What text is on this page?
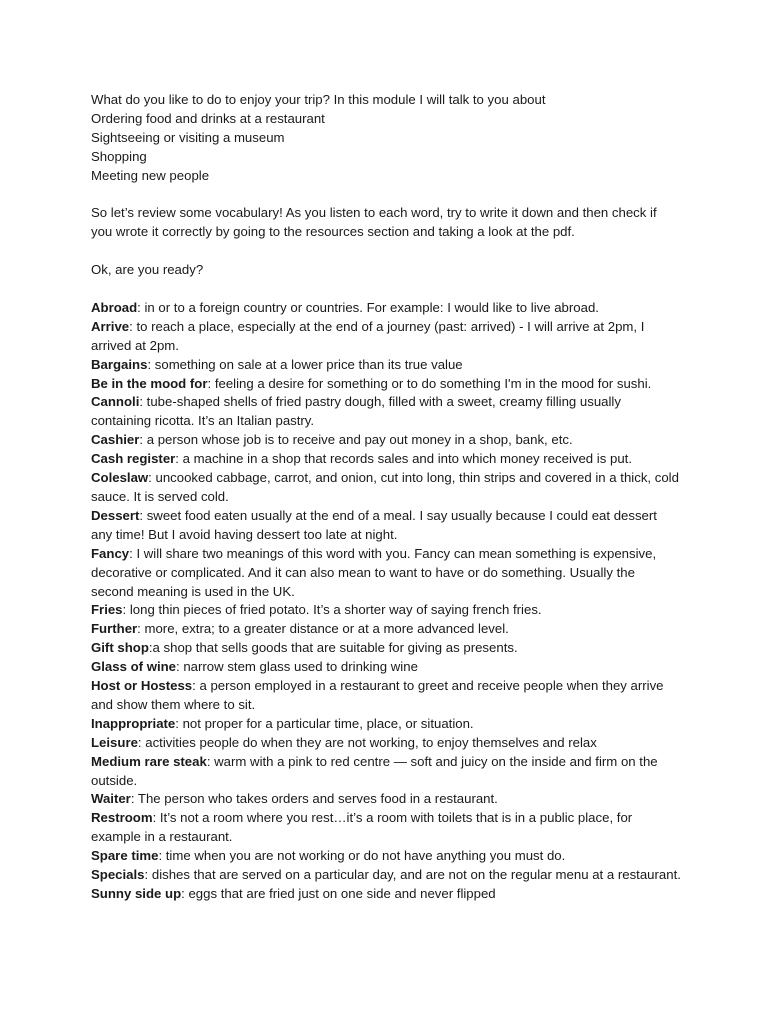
What do you like to do to enjoy your trip? In this module I will talk to you about

Ordering food and drinks at a restaurant

Sightseeing or visiting a museum

Shopping

Meeting new people

So let’s review some vocabulary! As you listen to each word, try to write it down and then check if you wrote it correctly by going to the resources section and taking a look at the pdf.

Ok, are you ready?

Abroad: in or to a foreign country or countries. For example: I would like to live abroad.

Arrive: to reach a place, especially at the end of a journey (past: arrived) - I will arrive at 2pm, I arrived at 2pm.

Bargains: something on sale at a lower price than its true value

Be in the mood for: feeling a desire for something or to do something I'm in the mood for sushi.

Cannoli: tube-shaped shells of fried pastry dough, filled with a sweet, creamy filling usually containing ricotta. It’s an Italian pastry.

Cashier: a person whose job is to receive and pay out money in a shop, bank, etc.

Cash register: a machine in a shop that records sales and into which money received is put.

Coleslaw: uncooked cabbage, carrot, and onion, cut into long, thin strips and covered in a thick, cold sauce. It is served cold.

Dessert: sweet food eaten usually at the end of a meal. I say usually because I could eat dessert any time! But I avoid having dessert too late at night.

Fancy: I will share two meanings of this word with you. Fancy can mean something is expensive, decorative or complicated. And it can also mean to want to have or do something. Usually the second meaning is used in the UK.

Fries: long thin pieces of fried potato. It’s a shorter way of saying french fries.

Further: more, extra; to a greater distance or at a more advanced level.

Gift shop:a shop that sells goods that are suitable for giving as presents.

Glass of wine: narrow stem glass used to drinking wine

Host or Hostess: a person employed in a restaurant to greet and receive people when they arrive and show them where to sit.

Inappropriate: not proper for a particular time, place, or situation.

Leisure: activities people do when they are not working, to enjoy themselves and relax

Medium rare steak: warm with a pink to red centre — soft and juicy on the inside and firm on the outside.

Waiter: The person who takes orders and serves food in a restaurant.

Restroom: It’s not a room where you rest…it’s a room with toilets that is in a public place, for example in a restaurant.

Spare time: time when you are not working or do not have anything you must do.

Specials: dishes that are served on a particular day, and are not on the regular menu at a restaurant.

Sunny side up: eggs that are fried just on one side and never flipped
